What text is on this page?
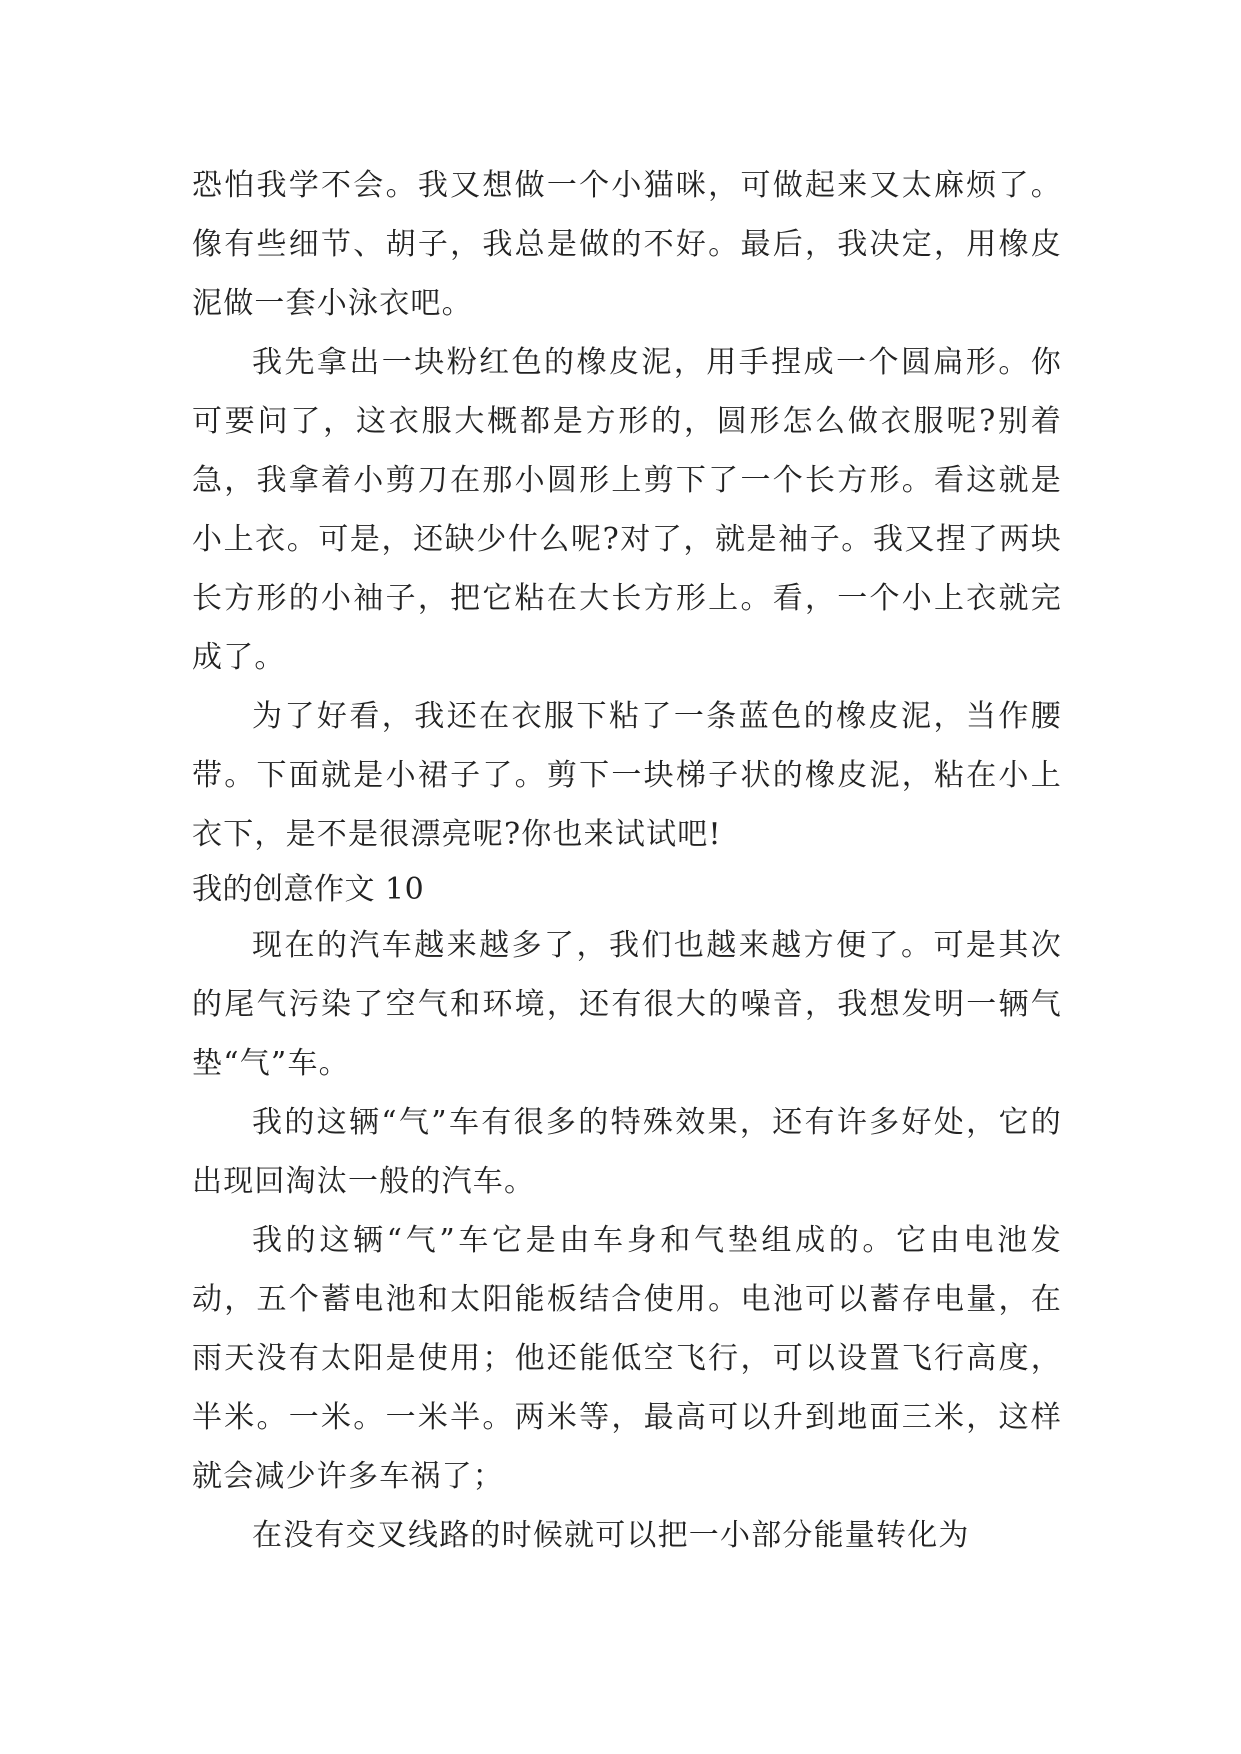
恐怕我学不会。我又想做一个小猫咪，可做起来又太麻烦了。像有些细节、胡子，我总是做的不好。最后，我决定，用橡皮泥做一套小泳衣吧。

我先拿出一块粉红色的橡皮泥，用手捏成一个圆扁形。你可要问了，这衣服大概都是方形的，圆形怎么做衣服呢?别着急，我拿着小剪刀在那小圆形上剪下了一个长方形。看这就是小上衣。可是，还缺少什么呢?对了，就是袖子。我又捏了两块长方形的小袖子，把它粘在大长方形上。看，一个小上衣就完成了。

为了好看，我还在衣服下粘了一条蓝色的橡皮泥，当作腰带。下面就是小裙子了。剪下一块梯子状的橡皮泥，粘在小上衣下，是不是很漂亮呢?你也来试试吧!

我的创意作文 10

现在的汽车越来越多了，我们也越来越方便了。可是其次的尾气污染了空气和环境，还有很大的噪音，我想发明一辆气垫“气”车。

我的这辆“气”车有很多的特殊效果，还有许多好处，它的出现回淘汰一般的汽车。

我的这辆“气”车它是由车身和气垫组成的。它由电池发动，五个蓄电池和太阳能板结合使用。电池可以蓄存电量，在雨天没有太阳是使用；他还能低空飞行，可以设置飞行高度，半米。一米。一米半。两米等，最高可以升到地面三米，这样就会减少许多车祸了；

在没有交叉线路的时候就可以把一小部分能量转化为
